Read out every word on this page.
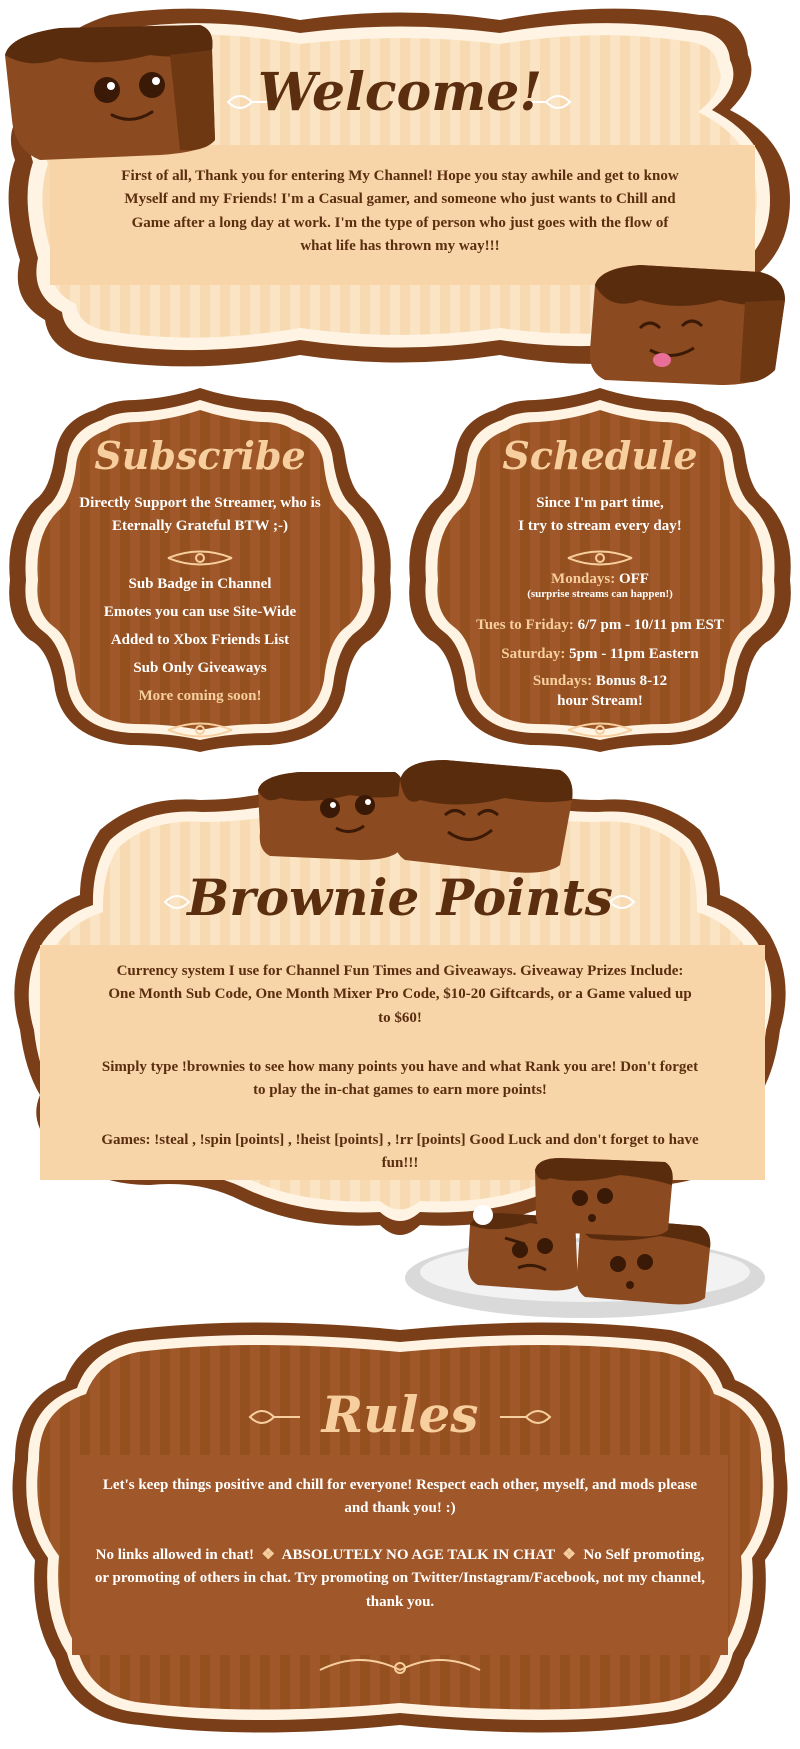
Welcome!
First of all, Thank you for entering My Channel! Hope you stay awhile and get to know Myself and my Friends! I'm a Casual gamer, and someone who just wants to Chill and Game after a long day at work. I'm the type of person who just goes with the flow of what life has thrown my way!!!
Subscribe
Directly Support the Streamer, who is Eternally Grateful BTW ;-)
Sub Badge in Channel
Emotes you can use Site-Wide
Added to Xbox Friends List
Sub Only Giveaways
More coming soon!
Schedule

Since I'm part time,

I try to stream every day!

Mondays: OFF

(surprise streams can happen!)

Tues to Friday: 6/7 pm - 10/11 pm EST
Saturday: 5pm - 11pm Eastern

Sundays: Bonus 8-12

hour Stream!

Brownie Points
Currency system I use for Channel Fun Times and Giveaways. Giveaway Prizes Include: One Month Sub Code, One Month Mixer Pro Code, $10-20 Giftcards, or a Game valued up to $60!
Simply type !brownies to see how many points you have and what Rank you are! Don't forget to play the in-chat games to earn more points!
Games: !steal , !spin [points] , !heist [points] , !rr [points] Good Luck and don't forget to have fun!!!
Rules
Let's keep things positive and chill for everyone! Respect each other, myself, and mods please and thank you! :)
No links allowed in chat!  ❖  ABSOLUTELY NO AGE TALK IN CHAT  ❖  No Self promoting, or promoting of others in chat. Try promoting on Twitter/Instagram/Facebook, not my channel, thank you.
